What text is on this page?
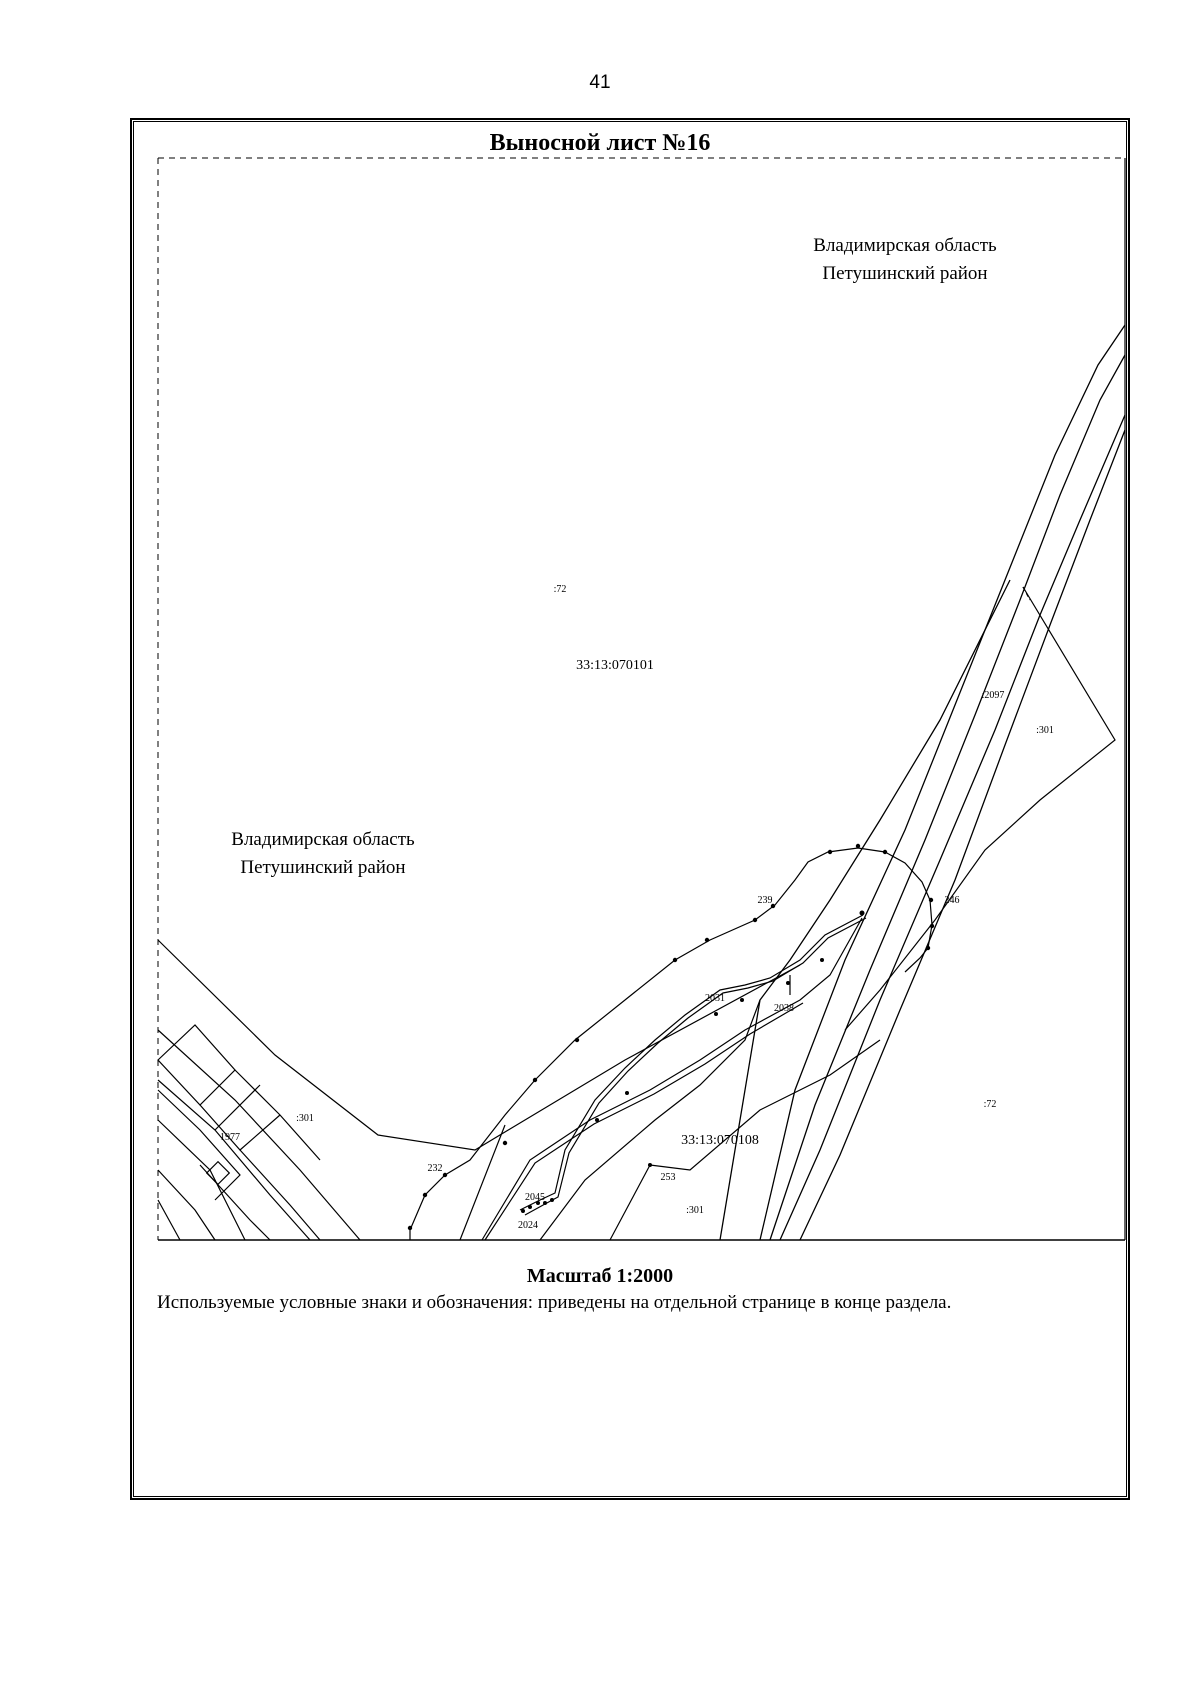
41
Выносной лист №16
Владимирская область
Петушинский район
Владимирская область
Петушинский район
33:13:070101
33:13:070108
:72
:2097
:301
:301
:72
:301
239	246
2031
2038
1977
232
2045
2024
253
Масштаб 1:2000
Используемые условные знаки и обозначения: приведены на отдельной странице в конце раздела.
